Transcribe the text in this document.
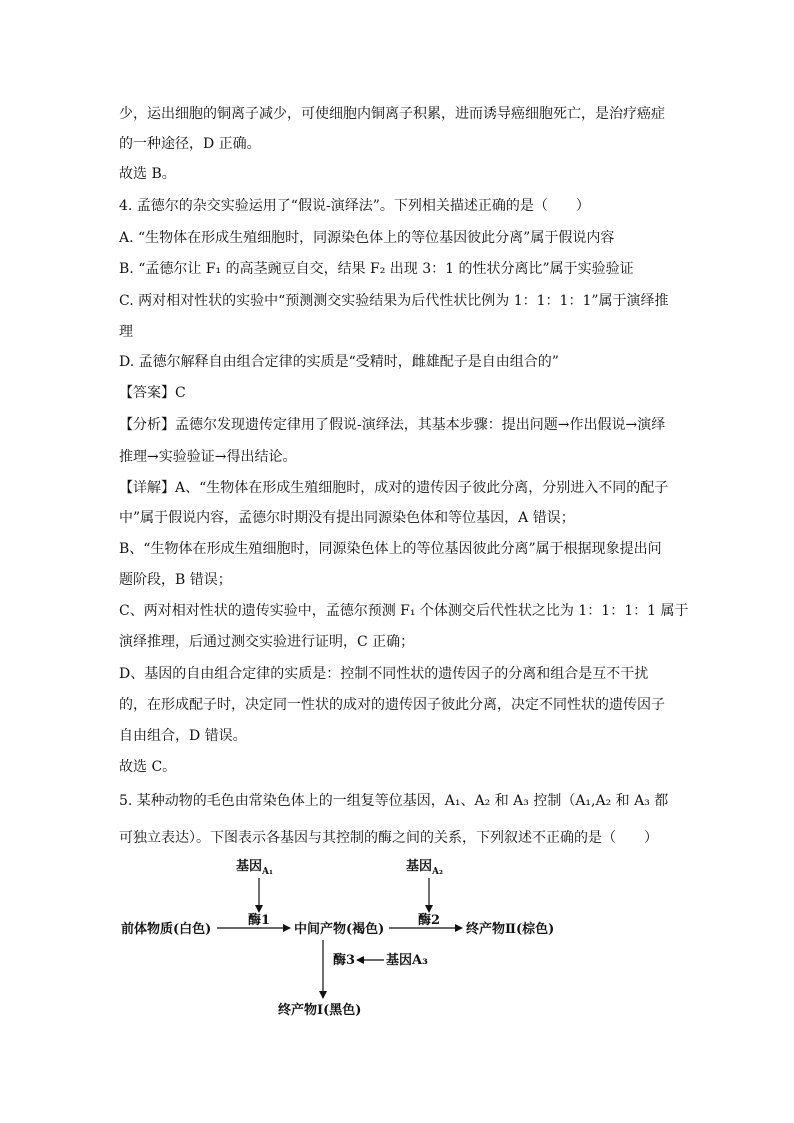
少，运出细胞的铜离子减少，可使细胞内铜离子积累，进而诱导癌细胞死亡，是治疗癌症
的一种途径，D 正确。
故选 B。
4. 孟德尔的杂交实验运用了“假说-演绎法”。下列相关描述正确的是（　　）
A. “生物体在形成生殖细胞时，同源染色体上的等位基因彼此分离”属于假说内容
B. “孟德尔让 F₁ 的高茎豌豆自交，结果 F₂ 出现 3：1 的性状分离比”属于实验验证
C. 两对相对性状的实验中“预测测交实验结果为后代性状比例为 1：1：1：1”属于演绎推
理
D. 孟德尔解释自由组合定律的实质是“受精时，雌雄配子是自由组合的”
【答案】C
【分析】孟德尔发现遗传定律用了假说-演绎法，其基本步骤：提出问题→作出假说→演绎
推理→实验验证→得出结论。
【详解】A、“生物体在形成生殖细胞时，成对的遗传因子彼此分离，分别进入不同的配子
中”属于假说内容，孟德尔时期没有提出同源染色体和等位基因，A 错误；
B、“生物体在形成生殖细胞时，同源染色体上的等位基因彼此分离”属于根据现象提出问
题阶段，B 错误；
C、两对相对性状的遗传实验中，孟德尔预测 F₁ 个体测交后代性状之比为 1：1：1：1 属于
演绎推理，后通过测交实验进行证明，C 正确；
D、基因的自由组合定律的实质是：控制不同性状的遗传因子的分离和组合是互不干扰
的，在形成配子时，决定同一性状的成对的遗传因子彼此分离，决定不同性状的遗传因子
自由组合，D 错误。
故选 C。
5. 某种动物的毛色由常染色体上的一组复等位基因，A₁、A₂ 和 A₃ 控制（A₁,A₂ 和 A₃ 都
可独立表达）。下图表示各基因与其控制的酶之间的关系，下列叙述不正确的是（　　）
基因$_{A_1}$	基因$_{A_2}$
酶1	酶2
前体物质(白色)	中间产物(褐色)	终产物Ⅱ(棕色)
酶3 基因A₃
终产物Ⅰ(黑色)
